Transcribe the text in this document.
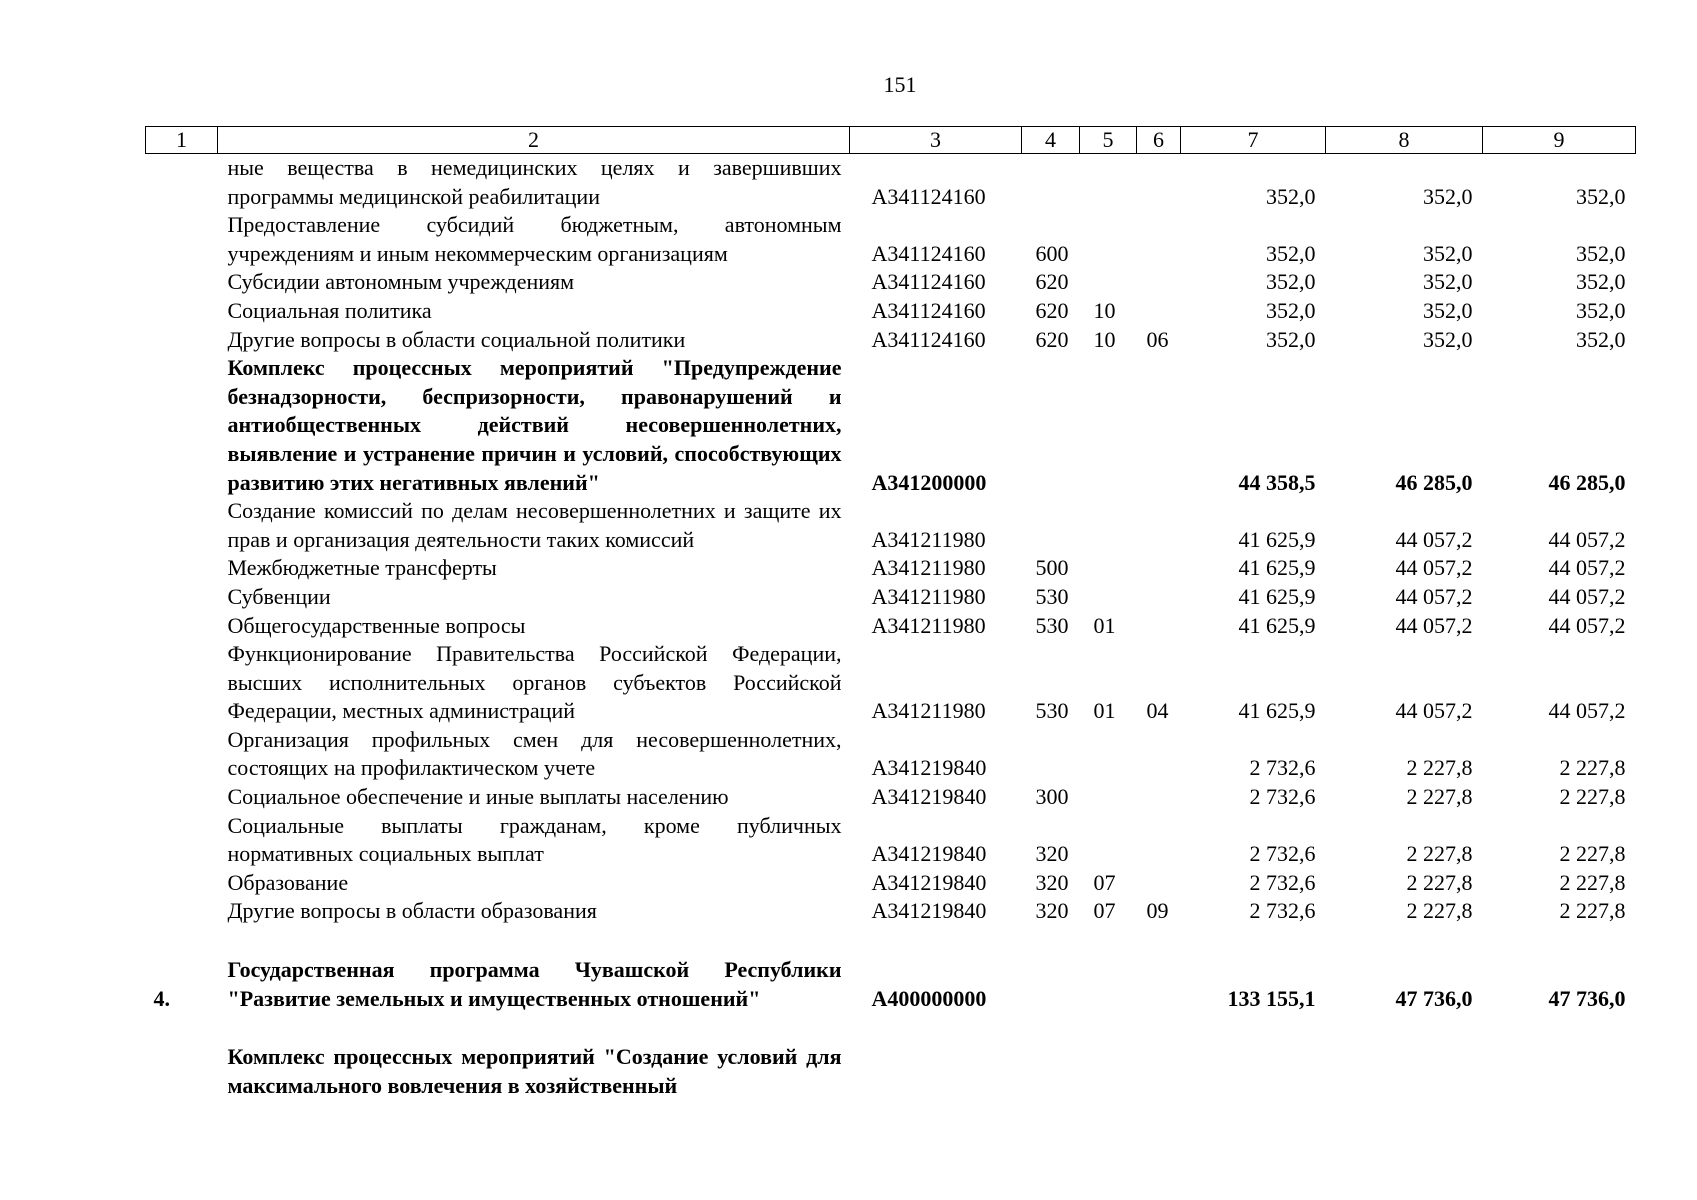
151
1	2	3	4	5	6	7	8	9
	ные вещества в немедицинских целях и завершивших программы медицинской реабилитации	А341124160				352,0	352,0	352,0
	Предоставление субсидий бюджетным, автономным учреждениям и иным некоммерческим организациям	А341124160	600			352,0	352,0	352,0
	Субсидии автономным учреждениям	А341124160	620			352,0	352,0	352,0
	Социальная политика	А341124160	620	10		352,0	352,0	352,0
	Другие вопросы в области социальной политики	А341124160	620	10	06	352,0	352,0	352,0
	Комплекс процессных мероприятий "Предупреждение безнадзорности, беспризорности, правонарушений и антиобщественных действий несовершеннолетних, выявление и устранение причин и условий, способствующих развитию этих негативных явлений"	А341200000				44 358,5	46 285,0	46 285,0
	Создание комиссий по делам несовершеннолетних и защите их прав и организация деятельности таких комиссий	А341211980				41 625,9	44 057,2	44 057,2
	Межбюджетные трансферты	А341211980	500			41 625,9	44 057,2	44 057,2
	Субвенции	А341211980	530			41 625,9	44 057,2	44 057,2
	Общегосударственные вопросы	А341211980	530	01		41 625,9	44 057,2	44 057,2
	Функционирование Правительства Российской Федерации, высших исполнительных органов субъектов Российской Федерации, местных администраций	А341211980	530	01	04	41 625,9	44 057,2	44 057,2
	Организация профильных смен для несовершеннолетних, состоящих на профилактическом учете	А341219840				2 732,6	2 227,8	2 227,8
	Социальное обеспечение и иные выплаты населению	А341219840	300			2 732,6	2 227,8	2 227,8
	Социальные выплаты гражданам, кроме публичных нормативных социальных выплат	А341219840	320			2 732,6	2 227,8	2 227,8
	Образование	А341219840	320	07		2 732,6	2 227,8	2 227,8
	Другие вопросы в области образования	А341219840	320	07	09	2 732,6	2 227,8	2 227,8

4.	Государственная программа Чувашской Республики "Развитие земельных и имущественных отношений"	А400000000				133 155,1	47 736,0	47 736,0

	Комплекс процессных мероприятий "Создание условий для максимального вовлечения в хозяйственный							
